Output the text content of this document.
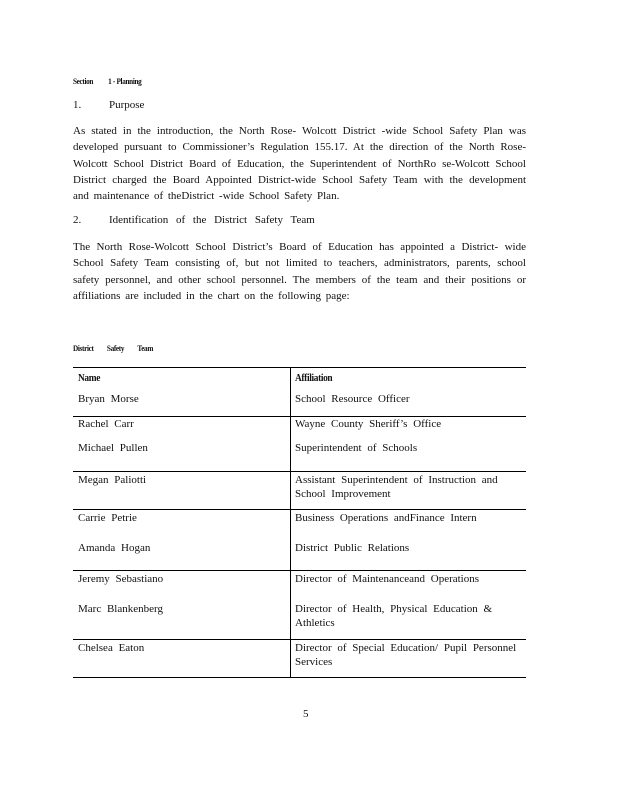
Section 1 - Planning
1.	Purpose
As stated in the introduction, the North Rose- Wolcott District -wide School Safety Plan was developed pursuant to Commissioner’s Regulation 155.17. At the direction of the North Rose- Wolcott School District Board of Education, the Superintendent of NorthRo se-Wolcott School District charged the Board Appointed District-wide School Safety Team with the development and maintenance of theDistrict -wide School Safety Plan.
2.	Identification of the District Safety Team
The North Rose-Wolcott School District’s Board of Education has appointed a District- wide School Safety Team consisting of, but not limited to teachers, administrators, parents, school safety personnel, and other school personnel. The members of the team and their positions or affiliations are included in the chart on the following page:
District Safety Team
Name	Affiliation
Bryan Morse	School Resource Officer
Rachel Carr	Wayne County Sheriff’s Office
Michael Pullen	Superintendent of Schools
Megan Paliotti	Assistant Superintendent of Instruction and School Improvement
Carrie Petrie	Business Operations andFinance Intern
Amanda Hogan	District Public Relations
Jeremy Sebastiano	Director of Maintenanceand Operations
Marc Blankenberg	Director of Health, Physical Education & Athletics
Chelsea Eaton	Director of Special Education/ Pupil Personnel Services
5
